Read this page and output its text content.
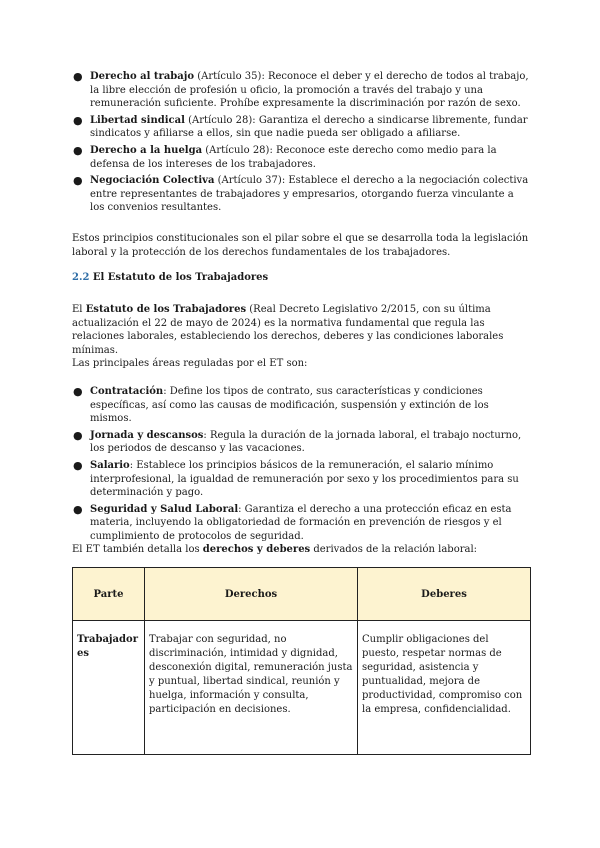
● Derecho al trabajo (Artículo 35): Reconoce el deber y el derecho de todos al trabajo, la libre elección de profesión u oficio, la promoción a través del trabajo y una remuneración suficiente. Prohíbe expresamente la discriminación por razón de sexo.
● Libertad sindical (Artículo 28): Garantiza el derecho a sindicarse libremente, fundar sindicatos y afiliarse a ellos, sin que nadie pueda ser obligado a afiliarse.
● Derecho a la huelga (Artículo 28): Reconoce este derecho como medio para la defensa de los intereses de los trabajadores.
● Negociación Colectiva (Artículo 37): Establece el derecho a la negociación colectiva entre representantes de trabajadores y empresarios, otorgando fuerza vinculante a los convenios resultantes.

Estos principios constitucionales son el pilar sobre el que se desarrolla toda la legislación laboral y la protección de los derechos fundamentales de los trabajadores.

2.2 El Estatuto de los Trabajadores

El Estatuto de los Trabajadores (Real Decreto Legislativo 2/2015, con su última actualización el 22 de mayo de 2024) es la normativa fundamental que regula las relaciones laborales, estableciendo los derechos, deberes y las condiciones laborales mínimas.

Las principales áreas reguladas por el ET son:

● Contratación: Define los tipos de contrato, sus características y condiciones específicas, así como las causas de modificación, suspensión y extinción de los mismos.
● Jornada y descansos: Regula la duración de la jornada laboral, el trabajo nocturno, los periodos de descanso y las vacaciones.
● Salario: Establece los principios básicos de la remuneración, el salario mínimo interprofesional, la igualdad de remuneración por sexo y los procedimientos para su determinación y pago.
● Seguridad y Salud Laboral: Garantiza el derecho a una protección eficaz en esta materia, incluyendo la obligatoriedad de formación en prevención de riesgos y el cumplimiento de protocolos de seguridad.

El ET también detalla los derechos y deberes derivados de la relación laboral:

Parte	Derechos	Deberes
Trabajadores	Trabajar con seguridad, no discriminación, intimidad y dignidad, desconexión digital, remuneración justa y puntual, libertad sindical, reunión y huelga, información y consulta, participación en decisiones.	Cumplir obligaciones del puesto, respetar normas de seguridad, asistencia y puntualidad, mejora de productividad, compromiso con la empresa, confidencialidad.
